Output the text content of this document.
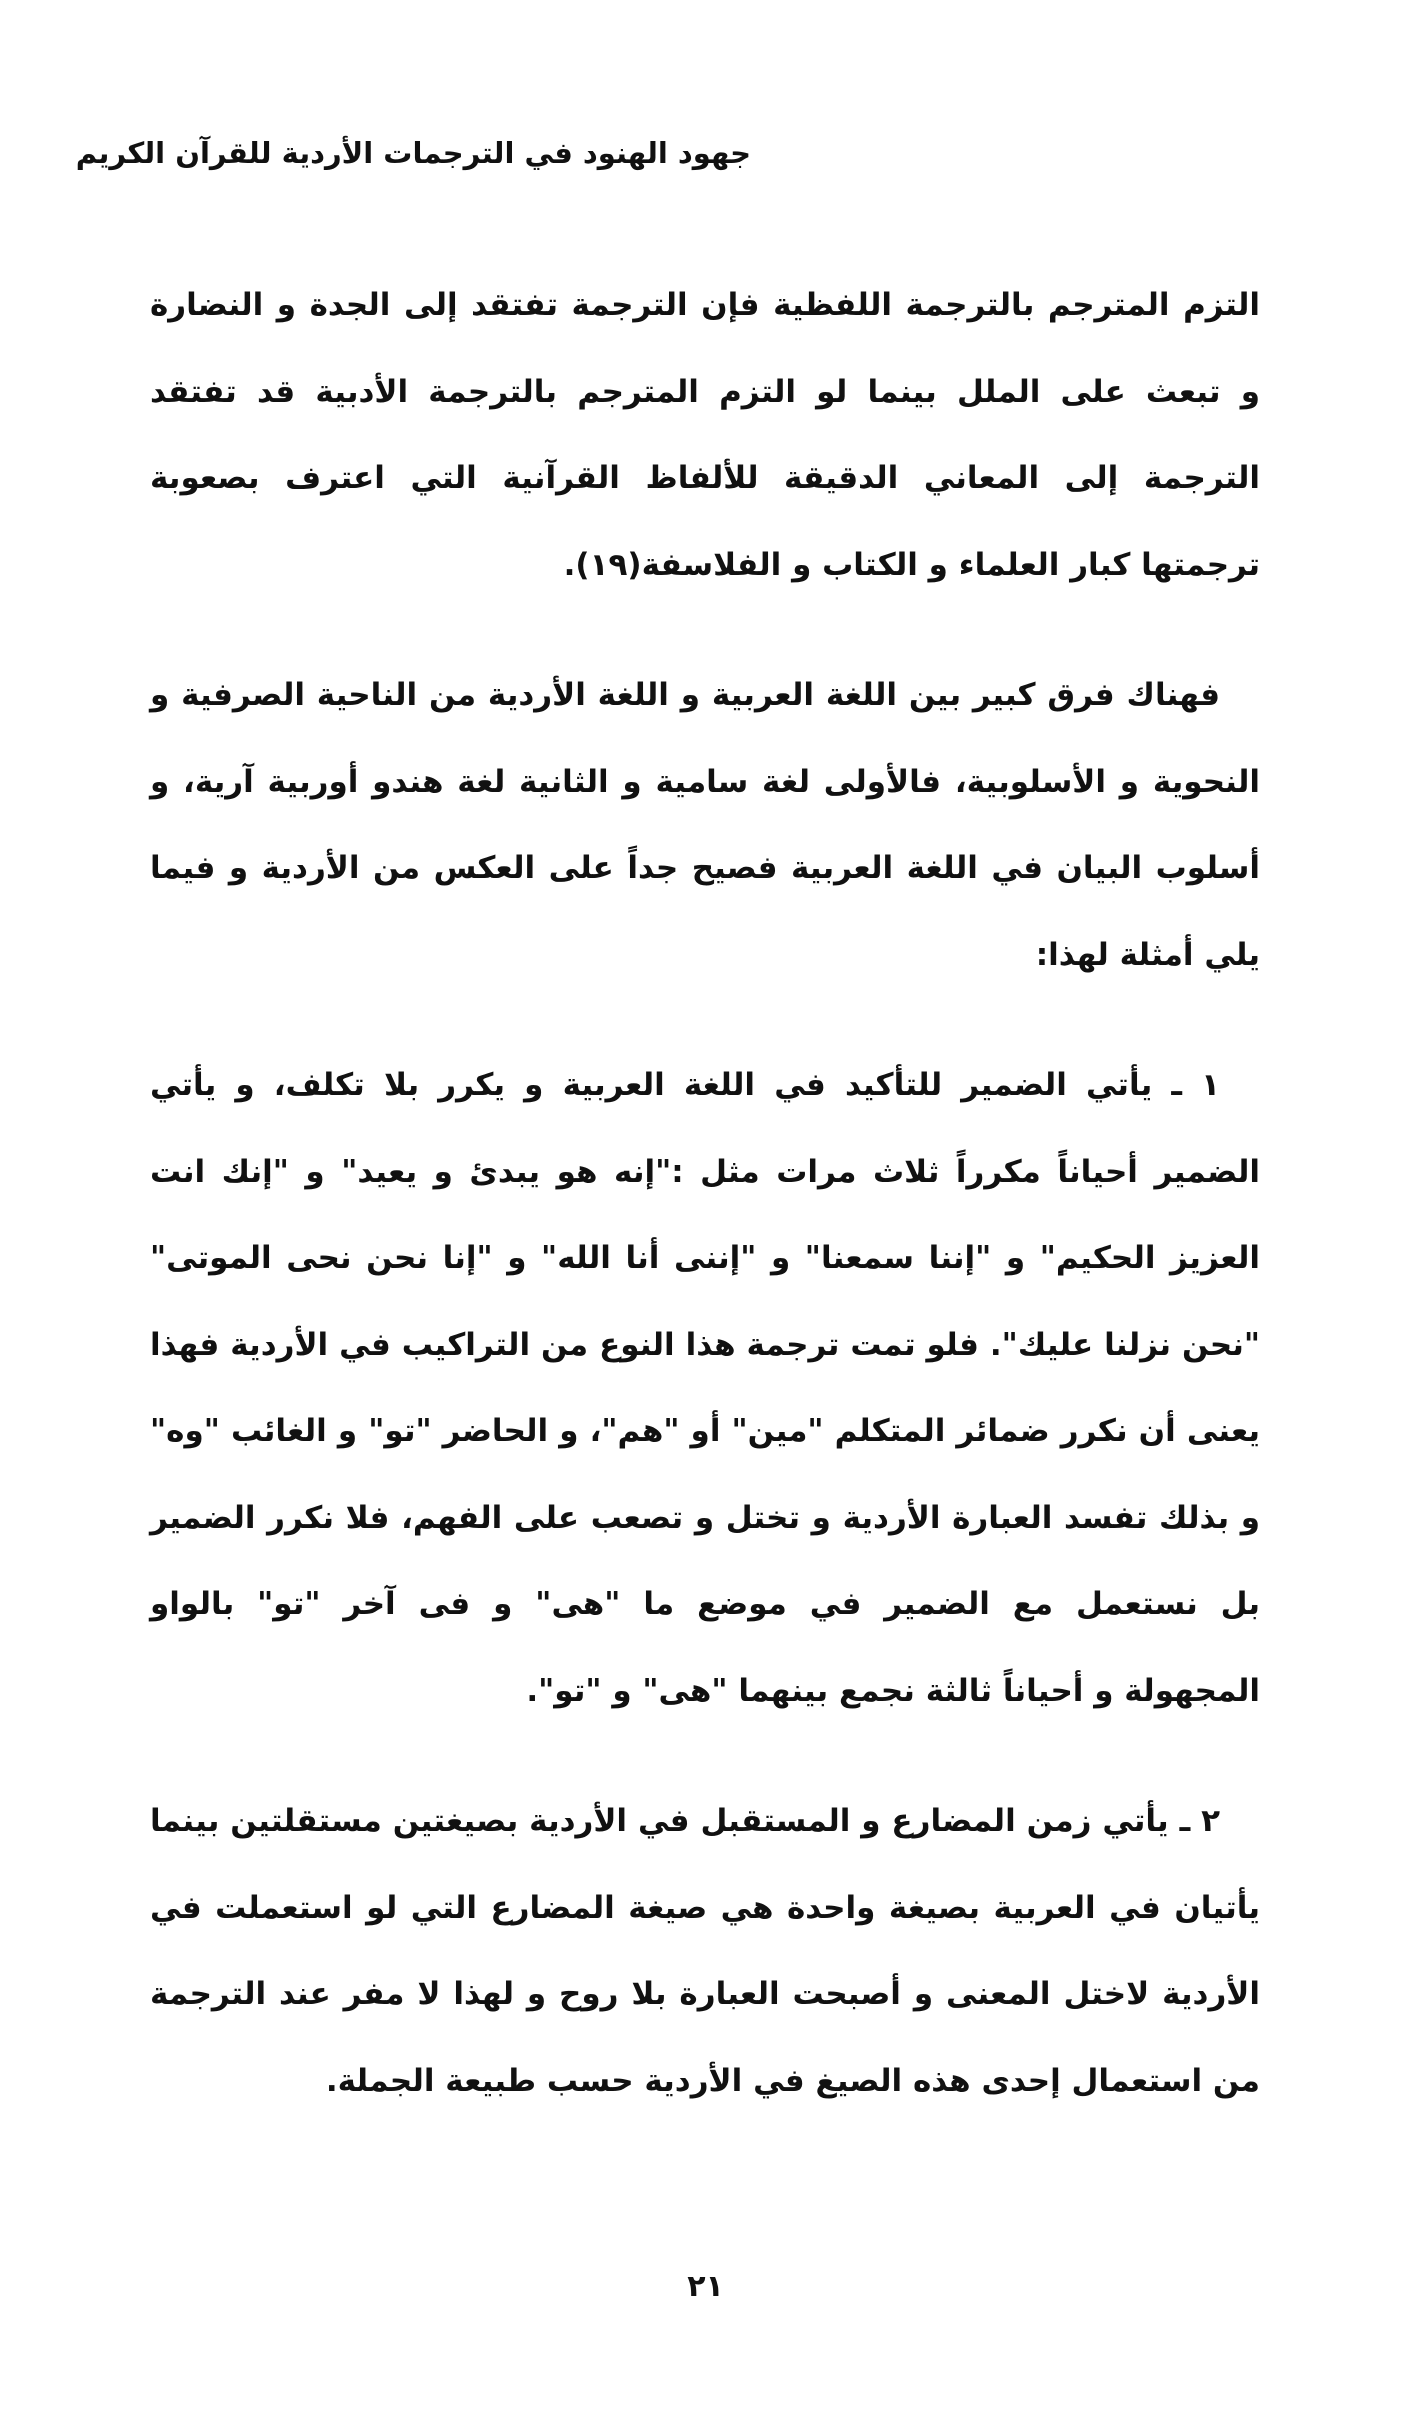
جهود الهنود في الترجمات الأردية للقرآن الكريم

التزم المترجم بالترجمة اللفظية فإن الترجمة تفتقد إلى الجدة و النضارة و تبعث على الملل بينما لو التزم المترجم بالترجمة الأدبية قد تفتقد الترجمة إلى المعاني الدقيقة للألفاظ القرآنية التي اعترف بصعوبة ترجمتها كبار العلماء و الكتاب و الفلاسفة(١٩).

فهناك فرق كبير بين اللغة العربية و اللغة الأردية من الناحية الصرفية و النحوية و الأسلوبية، فالأولى لغة سامية و الثانية لغة هندو أوربية آرية، و أسلوب البيان في اللغة العربية فصيح جداً على العكس من الأردية و فيما يلي أمثلة لهذا:

١ ـ يأتي الضمير للتأكيد في اللغة العربية و يكرر بلا تكلف، و يأتي الضمير أحياناً مكرراً ثلاث مرات مثل :"إنه هو يبدئ و يعيد" و "إنك انت العزيز الحكيم" و "إننا سمعنا" و "إننى أنا الله" و "إنا نحن نحى الموتى" "نحن نزلنا عليك". فلو تمت ترجمة هذا النوع من التراكيب في الأردية فهذا يعنى أن نكرر ضمائر المتكلم "مين" أو "هم"، و الحاضر "تو" و الغائب "وه" و بذلك تفسد العبارة الأردية و تختل و تصعب على الفهم، فلا نكرر الضمير بل نستعمل مع الضمير في موضع ما "هى" و فى آخر "تو" بالواو المجهولة و أحياناً ثالثة نجمع بينهما "هى" و "تو".

٢ ـ يأتي زمن المضارع و المستقبل في الأردية بصيغتين مستقلتين بينما يأتيان في العربية بصيغة واحدة هي صيغة المضارع التي لو استعملت في الأردية لاختل المعنى و أصبحت العبارة بلا روح و لهذا لا مفر عند الترجمة من استعمال إحدى هذه الصيغ في الأردية حسب طبيعة الجملة.

٢١
